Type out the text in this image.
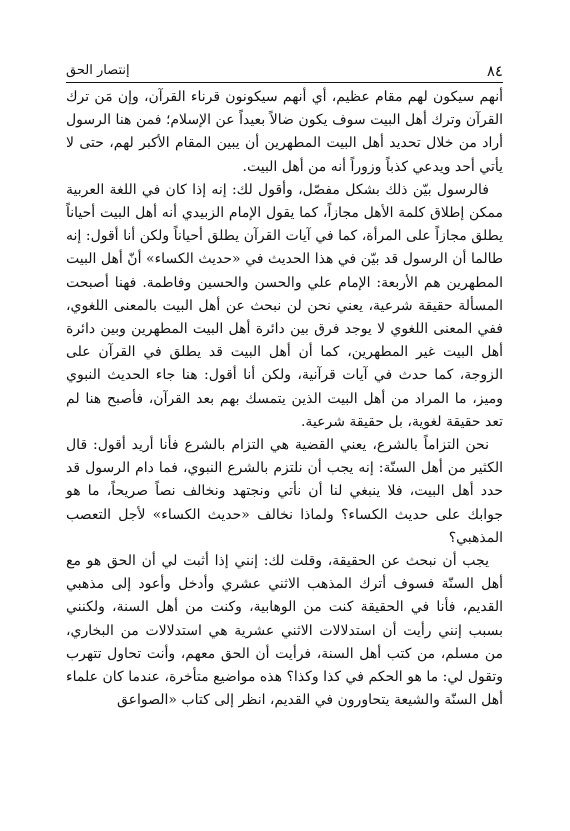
٨٤
إنتصار الحق

أنهم سيكون لهم مقام عظيم، أي أنهم سيكونون قرناء القرآن، وإن مَن ترك القرآن وترك أهل البيت سوف يكون ضالاً بعيداً عن الإسلام؛ فمن هنا الرسول أراد من خلال تحديد أهل البيت المطهرين أن يبين المقام الأكبر لهم، حتى لا يأتي أحد ويدعي كذباً وزوراً أنه من أهل البيت.

فالرسول بيّن ذلك بشكل مفصّل، وأقول لك: إنه إذا كان في اللغة العربية ممكن إطلاق كلمة الأهل مجازاً، كما يقول الإمام الزبيدي أنه أهل البيت أحياناً يطلق مجازاً على المرأة، كما في آيات القرآن يطلق أحياناً ولكن أنا أقول: إنه طالما أن الرسول قد بيّن في هذا الحديث في «حديث الكساء» أنّ أهل البيت المطهرين هم الأربعة: الإمام علي والحسن والحسين وفاطمة. فهنا أصبحت المسألة حقيقة شرعية، يعني نحن لن نبحث عن أهل البيت بالمعنى اللغوي، ففي المعنى اللغوي لا يوجد فرق بين دائرة أهل البيت المطهرين وبين دائرة أهل البيت غير المطهرين، كما أن أهل البيت قد يطلق في القرآن على الزوجة، كما حدث في آيات قرآنية، ولكن أنا أقول: هنا جاء الحديث النبوي وميز، ما المراد من أهل البيت الذين يتمسك بهم بعد القرآن، فأصبح هنا لم تعد حقيقة لغوية، بل حقيقة شرعية.

نحن التزاماً بالشرع، يعني القضية هي التزام بالشرع فأنا أريد أقول: قال الكثير من أهل السنّة: إنه يجب أن نلتزم بالشرع النبوي، فما دام الرسول قد حدد أهل البيت، فلا ينبغي لنا أن نأتي ونجتهد ونخالف نصاً صريحاً، ما هو جوابك على حديث الكساء؟ ولماذا نخالف «حديث الكساء» لأجل التعصب المذهبي؟

يجب أن نبحث عن الحقيقة، وقلت لك: إنني إذا أثبت لي أن الحق هو مع أهل السنّة فسوف أترك المذهب الاثني عشري وأدخل وأعود إلى مذهبي القديم، فأنا في الحقيقة كنت من الوهابية، وكنت من أهل السنة، ولكنني بسبب إنني رأيت أن استدلالات الاثني عشرية هي استدلالات من البخاري، من مسلم، من كتب أهل السنة، فرأيت أن الحق معهم، وأنت تحاول تتهرب وتقول لي: ما هو الحكم في كذا وكذا؟ هذه مواضيع متأخرة، عندما كان علماء أهل السنّة والشيعة يتحاورون في القديم، انظر إلى كتاب «الصواعق
